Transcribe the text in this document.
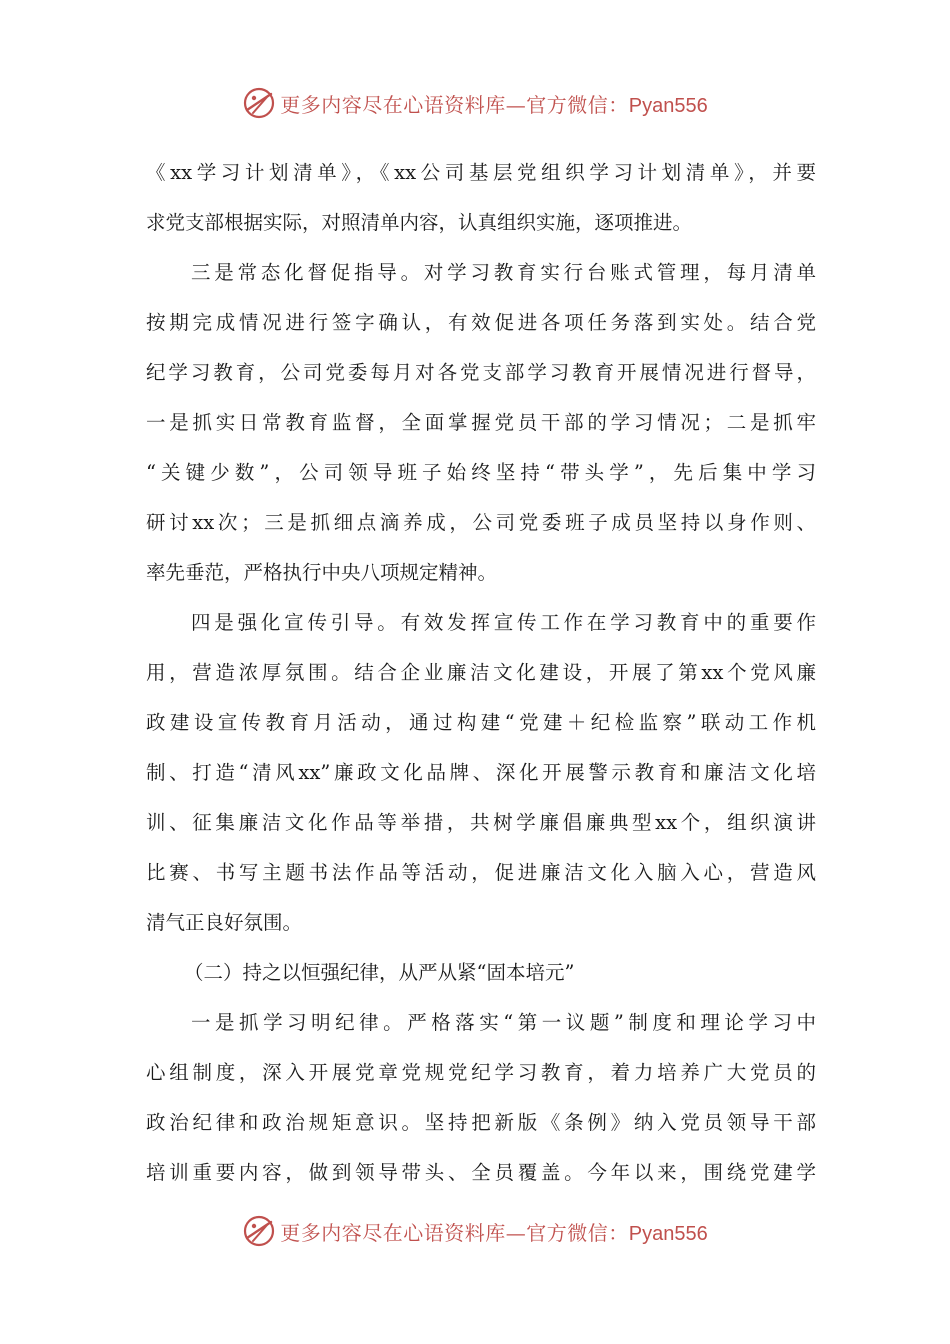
更多内容尽在心语资料库—官方微信：Pyan556
《xx学习计划清单》，《xx公司基层党组织学习计划清单》，并要
求党支部根据实际，对照清单内容，认真组织实施，逐项推进。
三是常态化督促指导。对学习教育实行台账式管理，每月清单
按期完成情况进行签字确认，有效促进各项任务落到实处。结合党
纪学习教育，公司党委每月对各党支部学习教育开展情况进行督导，
一是抓实日常教育监督，全面掌握党员干部的学习情况；二是抓牢
“关键少数”，公司领导班子始终坚持“带头学”，先后集中学习
研讨xx次；三是抓细点滴养成，公司党委班子成员坚持以身作则、
率先垂范，严格执行中央八项规定精神。
四是强化宣传引导。有效发挥宣传工作在学习教育中的重要作
用，营造浓厚氛围。结合企业廉洁文化建设，开展了第xx个党风廉
政建设宣传教育月活动，通过构建“党建＋纪检监察”联动工作机
制、打造“清风xx”廉政文化品牌、深化开展警示教育和廉洁文化培
训、征集廉洁文化作品等举措，共树学廉倡廉典型xx个，组织演讲
比赛、书写主题书法作品等活动，促进廉洁文化入脑入心，营造风
清气正良好氛围。
（二）持之以恒强纪律，从严从紧“固本培元”
一是抓学习明纪律。严格落实“第一议题”制度和理论学习中
心组制度，深入开展党章党规党纪学习教育，着力培养广大党员的
政治纪律和政治规矩意识。坚持把新版《条例》纳入党员领导干部
培训重要内容，做到领导带头、全员覆盖。今年以来，围绕党建学
更多内容尽在心语资料库—官方微信：Pyan556
